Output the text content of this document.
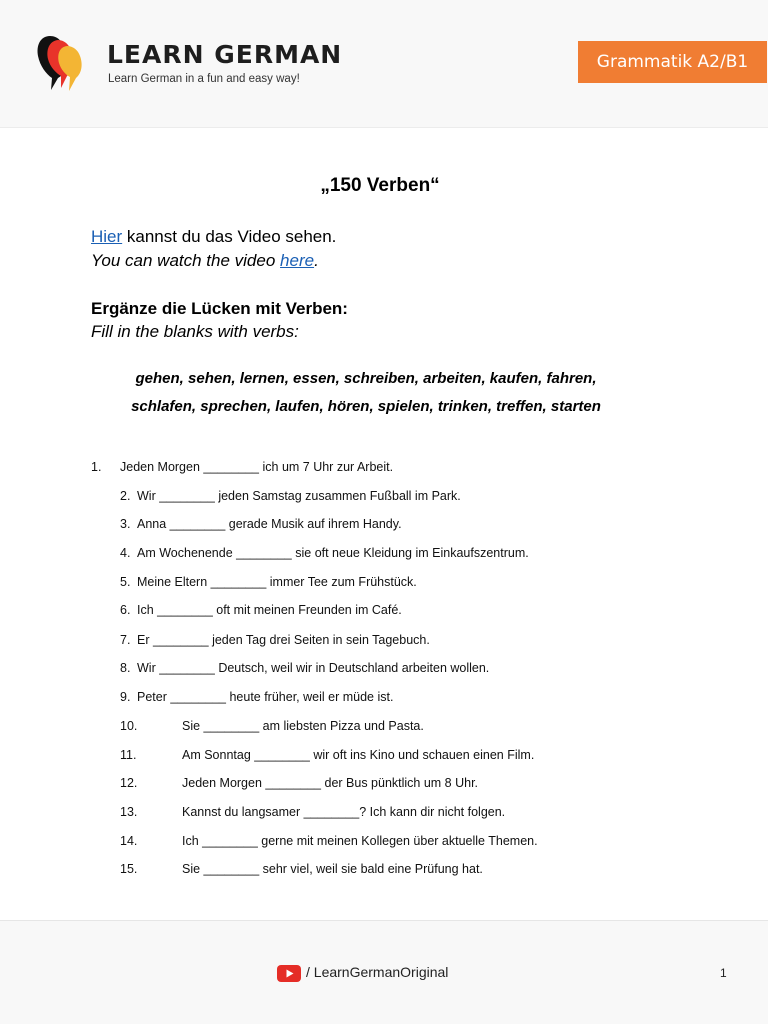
LEARN GERMAN
Learn German in a fun and easy way!
Grammatik A2/B1
„150 Verben“
Hier kannst du das Video sehen.
You can watch the video here.
Ergänze die Lücken mit Verben:
Fill in the blanks with verbs:
gehen, sehen, lernen, essen, schreiben, arbeiten, kaufen, fahren,
schlafen, sprechen, laufen, hören, spielen, trinken, treffen, starten
1. Jeden Morgen ________ ich um 7 Uhr zur Arbeit.
2. Wir ________ jeden Samstag zusammen Fußball im Park.
3. Anna ________ gerade Musik auf ihrem Handy.
4. Am Wochenende ________ sie oft neue Kleidung im Einkaufszentrum.
5. Meine Eltern ________ immer Tee zum Frühstück.
6. Ich ________ oft mit meinen Freunden im Café.
7. Er ________ jeden Tag drei Seiten in sein Tagebuch.
8. Wir ________ Deutsch, weil wir in Deutschland arbeiten wollen.
9. Peter ________ heute früher, weil er müde ist.
10.	Sie ________ am liebsten Pizza und Pasta.
11.	Am Sonntag ________ wir oft ins Kino und schauen einen Film.
12.	Jeden Morgen ________ der Bus pünktlich um 8 Uhr.
13.	Kannst du langsamer ________? Ich kann dir nicht folgen.
14.	Ich ________ gerne mit meinen Kollegen über aktuelle Themen.
15.	Sie ________ sehr viel, weil sie bald eine Prüfung hat.
/ LearnGermanOriginal	1
